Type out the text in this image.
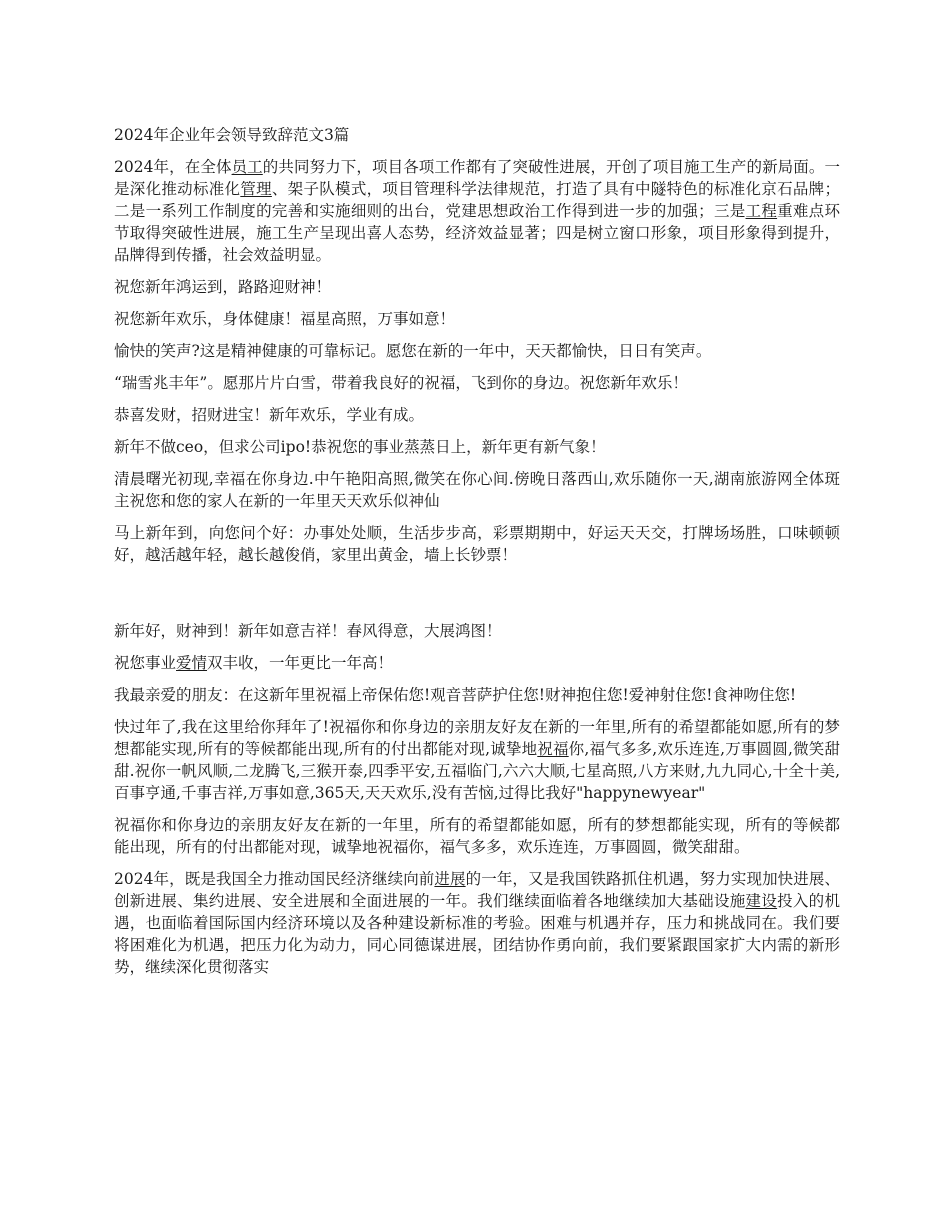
2024年企业年会领导致辞范文3篇

2024年，在全体员工的共同努力下，项目各项工作都有了突破性进展，开创了项目施工生产的新局面。一是深化推动标准化管理、架子队模式，项目管理科学法律规范，打造了具有中隧特色的标准化京石品牌；二是一系列工作制度的完善和实施细则的出台，党建思想政治工作得到进一步的加强；三是工程重难点环节取得突破性进展，施工生产呈现出喜人态势，经济效益显著；四是树立窗口形象，项目形象得到提升，品牌得到传播，社会效益明显。

祝您新年鸿运到，路路迎财神！

祝您新年欢乐，身体健康！福星高照，万事如意！

愉快的笑声?这是精神健康的可靠标记。愿您在新的一年中，天天都愉快，日日有笑声。

“瑞雪兆丰年”。愿那片片白雪，带着我良好的祝福，飞到你的身边。祝您新年欢乐！

恭喜发财，招财进宝！新年欢乐，学业有成。

新年不做ceo，但求公司ipo!恭祝您的事业蒸蒸日上，新年更有新气象！

清晨曙光初现,幸福在你身边.中午艳阳高照,微笑在你心间.傍晚日落西山,欢乐随你一天,湖南旅游网全体斑主祝您和您的家人在新的一年里天天欢乐似神仙

马上新年到，向您问个好：办事处处顺，生活步步高，彩票期期中，好运天天交，打牌场场胜，口味顿顿好，越活越年轻，越长越俊俏，家里出黄金，墙上长钞票！

新年好，财神到！新年如意吉祥！春风得意，大展鸿图！

祝您事业爱情双丰收，一年更比一年高！

我最亲爱的朋友：在这新年里祝福上帝保佑您!观音菩萨护住您!财神抱住您!爱神射住您!食神吻住您!

快过年了,我在这里给你拜年了!祝福你和你身边的亲朋友好友在新的一年里,所有的希望都能如愿,所有的梦想都能实现,所有的等候都能出现,所有的付出都能对现,诚挚地祝福你,福气多多,欢乐连连,万事圆圆,微笑甜甜.祝你一帆风顺,二龙腾飞,三猴开泰,四季平安,五福临门,六六大顺,七星高照,八方来财,九九同心,十全十美,百事亨通,千事吉祥,万事如意,365天,天天欢乐,没有苦恼,过得比我好"happynewyear"

祝福你和你身边的亲朋友好友在新的一年里，所有的希望都能如愿，所有的梦想都能实现，所有的等候都能出现，所有的付出都能对现，诚挚地祝福你，福气多多，欢乐连连，万事圆圆，微笑甜甜。

2024年，既是我国全力推动国民经济继续向前进展的一年，又是我国铁路抓住机遇，努力实现加快进展、创新进展、集约进展、安全进展和全面进展的一年。我们继续面临着各地继续加大基础设施建设投入的机遇，也面临着国际国内经济环境以及各种建设新标准的考验。困难与机遇并存，压力和挑战同在。我们要将困难化为机遇，把压力化为动力，同心同德谋进展，团结协作勇向前，我们要紧跟国家扩大内需的新形势，继续深化贯彻落实
